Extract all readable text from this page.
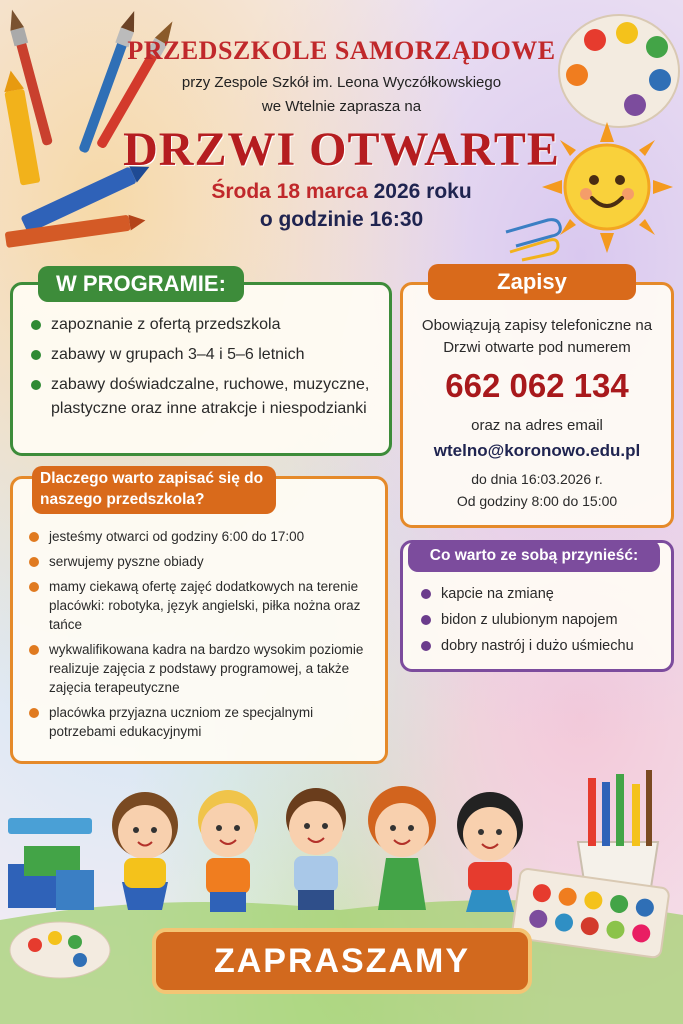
PRZEDSZKOLE SAMORZĄDOWE
przy Zespole Szkół im. Leona Wyczółkowskiego
we Wtelnie zaprasza na
DRZWI OTWARTE
Środa 18 marca 2026 roku
o godzinie 16:30
zapoznanie z ofertą przedszkola
zabawy w grupach 3–4 i 5–6 letnich
zabawy doświadczalne, ruchowe, muzyczne, plastyczne oraz inne atrakcje i niespodzianki
W PROGRAMIE:
Obowiązują zapisy telefoniczne na Drzwi otwarte pod numerem
662 062 134
oraz na adres email
wtelno@koronowo.edu.pl
do dnia 16:03.2026 r.
Od godziny 8:00 do 15:00
Zapisy
jesteśmy otwarci od godziny 6:00 do 17:00
serwujemy pyszne obiady
mamy ciekawą ofertę zajęć dodatkowych na terenie placówki: robotyka, język angielski, piłka nożna oraz tańce
wykwalifikowana kadra na bardzo wysokim poziomie realizuje zajęcia z podstawy programowej, a także zajęcia terapeutyczne
placówka przyjazna uczniom ze specjalnymi potrzebami edukacyjnymi
Dlaczego warto zapisać się do naszego przedszkola?
kapcie na zmianę
bidon z ulubionym napojem
dobry nastrój i dużo uśmiechu
Co warto ze sobą przynieść:
ZAPRASZAMY
